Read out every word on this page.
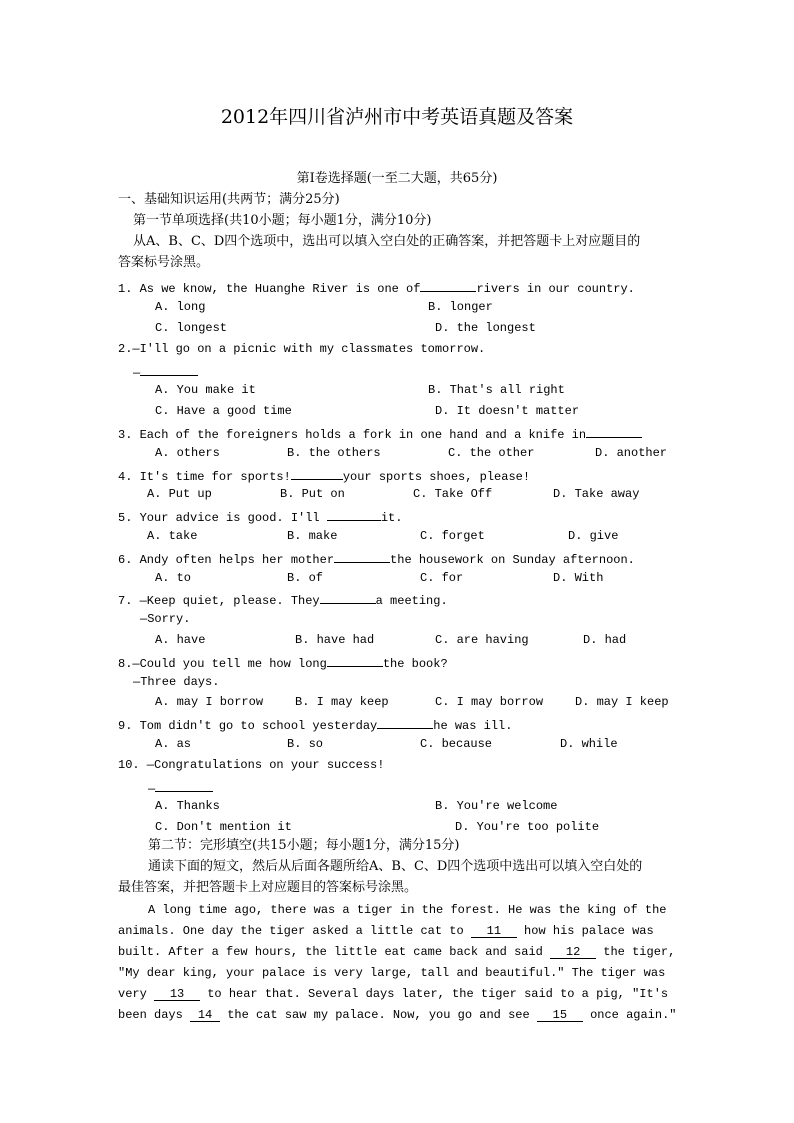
2012年四川省泸州市中考英语真题及答案
第Ⅰ卷选择题(一至二大题，共65分)
一、基础知识运用(共两节；满分25分)
第一节单项选择(共10小题；每小题1分，满分10分)
从A、B、C、D四个选项中，选出可以填入空白处的正确答案，并把答题卡上对应题目的
答案标号涂黑。
1. As we know, the Huanghe River is one of	rivers in our country.
A. long	B. longer
C. longest	D. the longest
2.—I'll go on a picnic with my classmates tomorrow.
—
A. You make it	B. That's all right
C. Have a good time	D. It doesn't matter
3. Each of the foreigners holds a fork in one hand and a knife in
A. others	B. the others	C. the other	D. another
4. It's time for sports!	your sports shoes, please!
A. Put up	B. Put on	C. Take Off	D. Take away
5. Your advice is good. I'll	it.
A. take	B. make	C. forget	D. give
6. Andy often helps her mother	the housework on Sunday afternoon.
A. to	B. of	C. for	D. With
7. —Keep quiet, please. They	a meeting.
—Sorry.
A. have	B. have had	C. are having	D. had
8.—Could you tell me how long	the book?
—Three days.
A. may I borrow	B. I may keep	C. I may borrow	D. may I keep
9. Tom didn't go to school yesterday	he was ill.
A. as	B. so	C. because	D. while
10. —Congratulations on your success!
—
A. Thanks	B. You're welcome
C. Don't mention it	D. You're too polite
第二节：完形填空(共15小题；每小题1分，满分15分)
通读下面的短文，然后从后面各题所给A、B、C、D四个选项中选出可以填入空白处的
最佳答案，并把答题卡上对应题目的答案标号涂黑。
A long time ago, there was a tiger in the forest. He was the king of the
animals. One day the tiger asked a little cat to 11 how his palace was
built. After a few hours, the little eat came back and said 12 the tiger,
"My dear king, your palace is very large, tall and beautiful." The tiger was
very 13 to hear that. Several days later, the tiger said to a pig, "It's
been days 14 the cat saw my palace. Now, you go and see 15 once again."
